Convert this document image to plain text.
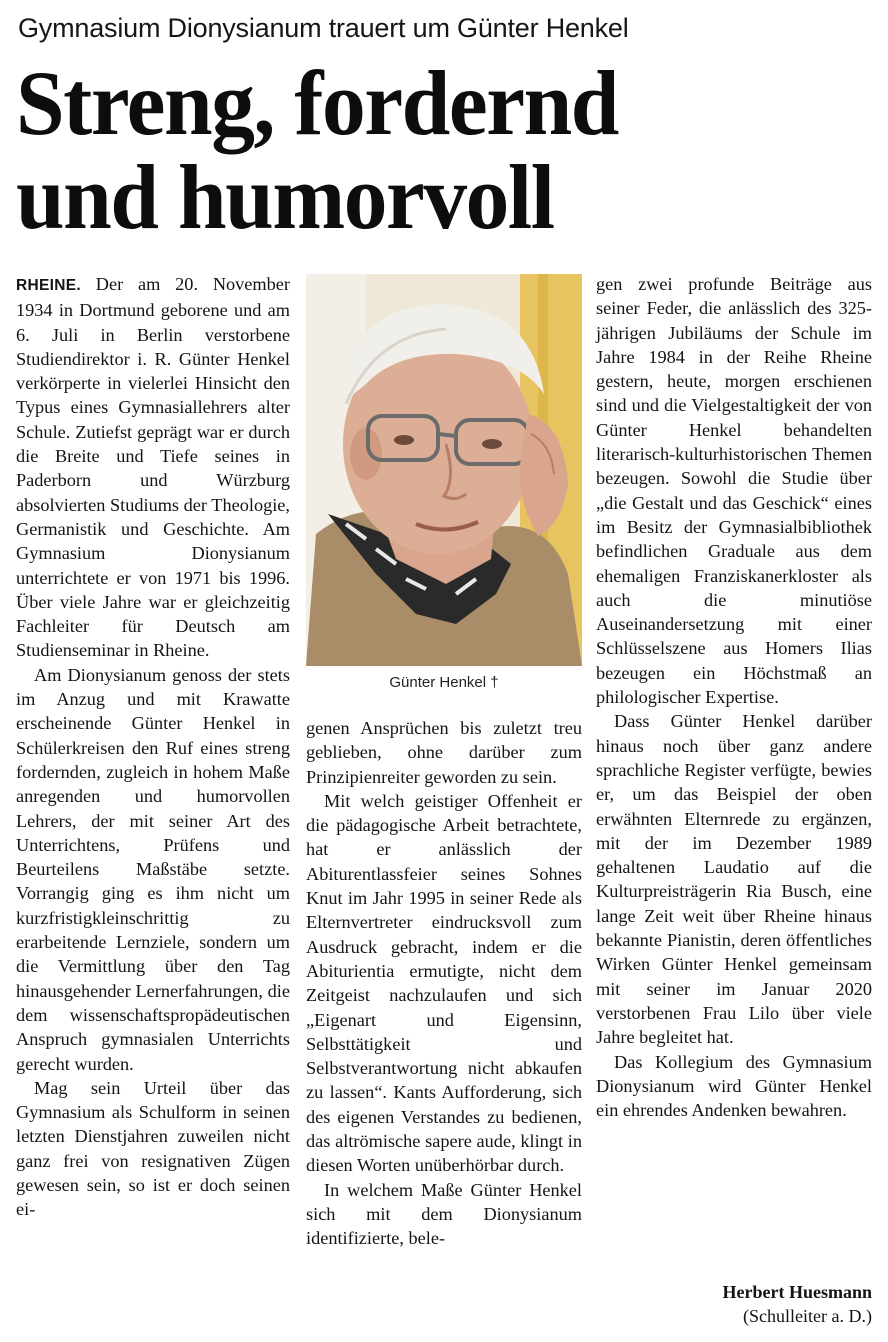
Gymnasium Dionysianum trauert um Günter Henkel
Streng, fordernd
und humorvoll

RHEINE. Der am 20. November 1934 in Dortmund geborene und am 6. Juli in Berlin verstorbene Studiendirektor i. R. Günter Henkel verkörperte in vielerlei Hinsicht den Typus eines Gymnasiallehrers alter Schule. Zutiefst geprägt war er durch die Breite und Tiefe seines in Paderborn und Würzburg absolvierten Studiums der Theologie, Germanistik und Geschichte. Am Gymnasium Dionysianum unterrichtete er von 1971 bis 1996. Über viele Jahre war er gleichzeitig Fachleiter für Deutsch am Studienseminar in Rheine.

Am Dionysianum genoss der stets im Anzug und mit Krawatte erscheinende Günter Henkel in Schülerkreisen den Ruf eines streng fordernden, zugleich in hohem Maße anregenden und humorvollen Lehrers, der mit seiner Art des Unterrichtens, Prüfens und Beurteilens Maßstäbe setzte. Vorrangig ging es ihm nicht um kurzfristigkleinschrittig zu erarbeitende Lernziele, sondern um die Vermittlung über den Tag hinausgehender Lernerfahrungen, die dem wissenschaftspropädeutischen Anspruch gymnasialen Unterrichts gerecht wurden.

Mag sein Urteil über das Gymnasium als Schulform in seinen letzten Dienstjahren zuweilen nicht ganz frei von resignativen Zügen gewesen sein, so ist er doch seinen ei-

Günter Henkel †

genen Ansprüchen bis zuletzt treu geblieben, ohne darüber zum Prinzipienreiter geworden zu sein.

Mit welch geistiger Offenheit er die pädagogische Arbeit betrachtete, hat er anlässlich der Abiturentlassfeier seines Sohnes Knut im Jahr 1995 in seiner Rede als Elternvertreter eindrucksvoll zum Ausdruck gebracht, indem er die Abiturientia ermutigte, nicht dem Zeitgeist nachzulaufen und sich „Eigenart und Eigensinn, Selbsttätigkeit und Selbstverantwortung nicht abkaufen zu lassen“. Kants Aufforderung, sich des eigenen Verstandes zu bedienen, das altrömische sapere aude, klingt in diesen Worten unüberhörbar durch.

In welchem Maße Günter Henkel sich mit dem Dionysianum identifizierte, bele-

gen zwei profunde Beiträge aus seiner Feder, die anlässlich des 325-jährigen Jubiläums der Schule im Jahre 1984 in der Reihe Rheine gestern, heute, morgen erschienen sind und die Vielgestaltigkeit der von Günter Henkel behandelten literarisch-kulturhistorischen Themen bezeugen. Sowohl die Studie über „die Gestalt und das Geschick“ eines im Besitz der Gymnasialbibliothek befindlichen Graduale aus dem ehemaligen Franziskanerkloster als auch die minutiöse Auseinandersetzung mit einer Schlüsselszene aus Homers Ilias bezeugen ein Höchstmaß an philologischer Expertise.

Dass Günter Henkel darüber hinaus noch über ganz andere sprachliche Register verfügte, bewies er, um das Beispiel der oben erwähnten Elternrede zu ergänzen, mit der im Dezember 1989 gehaltenen Laudatio auf die Kulturpreisträgerin Ria Busch, eine lange Zeit weit über Rheine hinaus bekannte Pianistin, deren öffentliches Wirken Günter Henkel gemeinsam mit seiner im Januar 2020 verstorbenen Frau Lilo über viele Jahre begleitet hat.

Das Kollegium des Gymnasium Dionysianum wird Günter Henkel ein ehrendes Andenken bewahren.

Herbert Huesmann
(Schulleiter a. D.)
